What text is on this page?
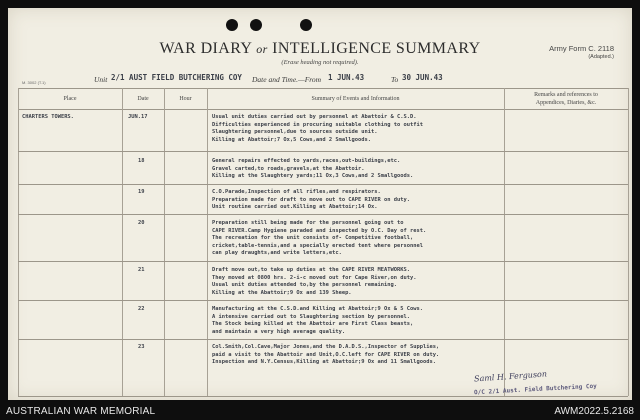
WAR DIARY or INTELLIGENCE SUMMARY
(Erase heading not required).
Army Form C. 2118
(Adapted.)
M. 3002 (T.1)	Unit 2/1 AUST FIELD BUTCHERING COY Date and Time.—From 1 JUN.43	To 30 JUN.43
Place	Date	Hour	Summary of Events and Information
Remarks and references to
Appendices, Diaries, &c.
CHARTERS TOWERS.	JUN.17	Usual unit duties carried out by personnel at Abattoir & C.S.D.
Difficulties experienced in procuring suitable clothing to outfit
Slaughtering personnel,due to sources outside unit.
Killing at Abattoir;7 Ox,5 Cows,and 2 Smallgoods.
18	General repairs effected to yards,races,out-buildings,etc.
Gravel carted,to roads,gravels,at the Abattoir.
Killing at the Slaughtery yards;11 Ox,3 Cows,and 2 Smallgoods.
19	C.O.Parade,Inspection of all rifles,and respirators.
Preparation made for draft to move out to CAPE RIVER on duty.
Unit routine carried out.Killing at Abattoir;14 Ox.
20	Preparation still being made for the personnel going out to
CAPE RIVER.Camp Hygiene paraded and inspected by O.C. Day of rest.
The recreation for the unit consists of- Competitive football,
cricket,table-tennis,and a specially erected tent where personnel
can play draughts,and write letters,etc.
21	Draft move out,to take up duties at the CAPE RIVER MEATWORKS.
They moved at 0800 hrs. 2-i-c moved out for Cape River,on duty.
Usual unit duties attended to,by the personnel remaining.
Killing at the Abattoir;9 Ox and 139 Sheep.
22	Manufacturing at the C.S.D.and Killing at Abattoir;9 Ox & 5 Cows.
A intensive carried out to Slaughtering section by personnel.
The Stock being killed at the Abattoir are First Class beasts,
and maintain a very high average quality.
23	Col.Smith,Col.Cave,Major Jones,and the D.A.D.S.,Inspector of Supplies,
paid a visit to the Abattoir and Unit,O.C.left for CAPE RIVER on duty.
Inspection and N.Y.Census,Killing at Abattoir;9 Ox and 11 Smallgoods.
Saml H. Ferguson
O/C 2/1 Aust. Field Butchering Coy
AUSTRALIAN WAR MEMORIAL	AWM2022.5.2168
